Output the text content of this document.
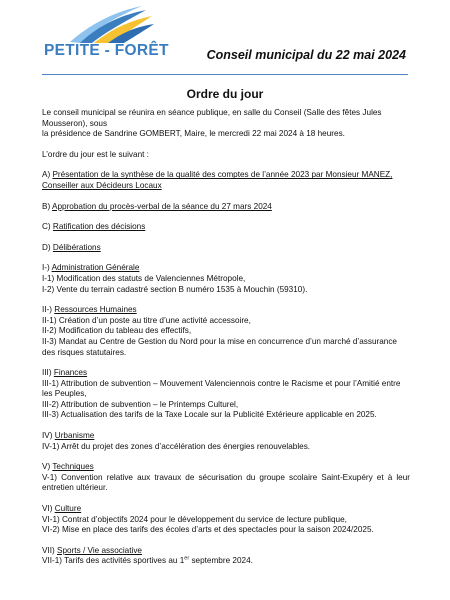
PETITE - FORÊT	Conseil municipal du 22 mai 2024
Ordre du jour

Le conseil municipal se réunira en séance publique, en salle du Conseil (Salle des fêtes Jules Mousseron), sous

la présidence de Sandrine GOMBERT, Maire, le mercredi 22 mai 2024 à 18 heures.

L’ordre du jour est le suivant :

A) Présentation de la synthèse de la qualité des comptes de l’année 2023 par Monsieur MANEZ, Conseiller aux Décideurs Locaux

B) Approbation du procès-verbal de la séance du 27 mars 2024

C) Ratification des décisions

D) Délibérations

I-) Administration Générale

I-1) Modification des statuts de Valenciennes Métropole,

I-2) Vente du terrain cadastré section B numéro 1535 à Mouchin (59310).

II-) Ressources Humaines

II-1) Création d’un poste au titre d’une activité accessoire,

II-2) Modification du tableau des effectifs,

II-3) Mandat au Centre de Gestion du Nord pour la mise en concurrence d’un marché d’assurance des risques statutaires.

III) Finances

III-1) Attribution de subvention – Mouvement Valenciennois contre le Racisme et pour l’Amitié entre les Peuples,

III-2) Attribution de subvention – le Printemps Culturel,

III-3) Actualisation des tarifs de la Taxe Locale sur la Publicité Extérieure applicable en 2025.

IV) Urbanisme

IV-1) Arrêt du projet des zones d’accélération des énergies renouvelables.

V) Techniques

V-1) Convention relative aux travaux de sécurisation du groupe scolaire Saint-Exupéry et à leur entretien ultérieur.

VI) Culture

VI-1) Contrat d’objectifs 2024 pour le développement du service de lecture publique,

VI-2) Mise en place des tarifs des écoles d’arts et des spectacles pour la saison 2024/2025.

VII) Sports / Vie associative

VII-1) Tarifs des activités sportives au 1er septembre 2024.
